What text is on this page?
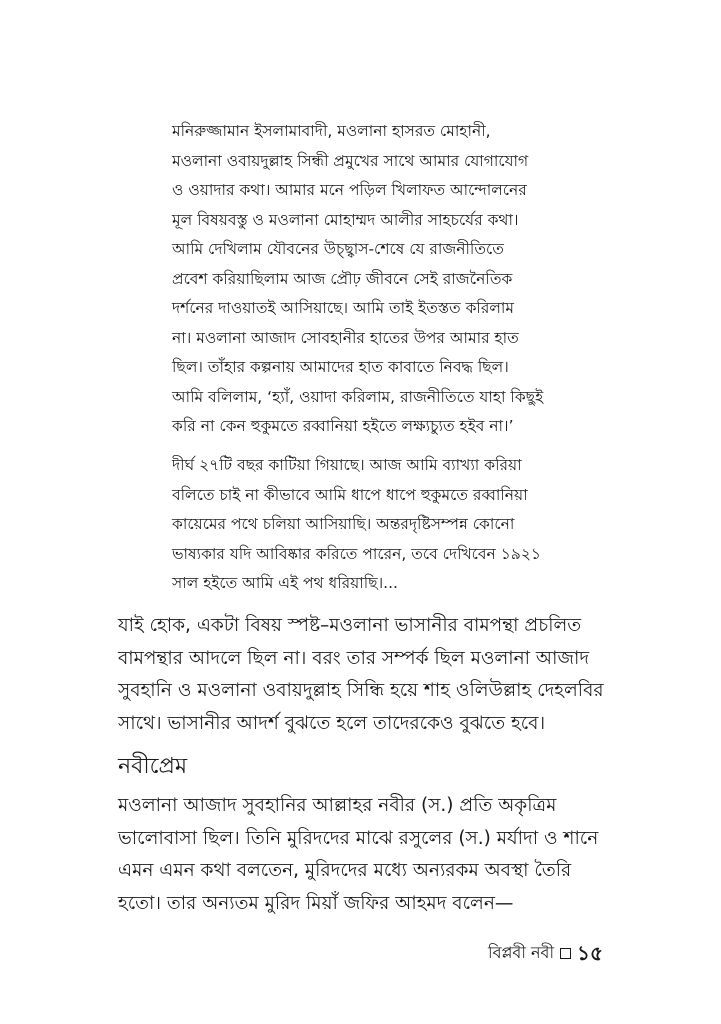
মনিরুজ্জামান ইসলামাবাদী, মওলানা হাসরত মোহানী,

মওলানা ওবায়দুল্লাহ সিন্ধী প্রমুখের সাথে আমার যোগাযোগ

ও ওয়াদার কথা। আমার মনে পড়িল খিলাফত আন্দোলনের

মূল বিষয়বস্তু ও মওলানা মোহাম্মদ আলীর সাহচর্যের কথা।

আমি দেখিলাম যৌবনের উচ্ছ্বাস-শেষে যে রাজনীতিতে

প্রবেশ করিয়াছিলাম আজ প্রৌঢ় জীবনে সেই রাজনৈতিক

দর্শনের দাওয়াতই আসিয়াছে। আমি তাই ইতস্তত করিলাম

না। মওলানা আজাদ সোবহানীর হাতের উপর আমার হাত

ছিল। তাঁহার কল্পনায় আমাদের হাত কাবাতে নিবদ্ধ ছিল।

আমি বলিলাম, ‘হ্যাঁ, ওয়াদা করিলাম, রাজনীতিতে যাহা কিছুই

করি না কেন হুকুমতে রব্বানিয়া হইতে লক্ষ্যচ্যুত হইব না।’

দীর্ঘ ২৭টি বছর কাটিয়া গিয়াছে। আজ আমি ব্যাখ্যা করিয়া

বলিতে চাই না কীভাবে আমি ধাপে ধাপে হুকুমতে রব্বানিয়া

কায়েমের পথে চলিয়া আসিয়াছি। অন্তরদৃষ্টিসম্পন্ন কোনো

ভাষ্যকার যদি আবিষ্কার করিতে পারেন, তবে দেখিবেন ১৯২১

সাল হইতে আমি এই পথ ধরিয়াছি।...

যাই হোক, একটা বিষয় স্পষ্ট–মওলানা ভাসানীর বামপন্থা প্রচলিত

বামপন্থার আদলে ছিল না। বরং তার সম্পর্ক ছিল মওলানা আজাদ

সুবহানি ও মওলানা ওবায়দুল্লাহ সিন্ধি হয়ে শাহ ওলিউল্লাহ দেহলবির

সাথে। ভাসানীর আদর্শ বুঝতে হলে তাদেরকেও বুঝতে হবে।

নবীপ্রেম

মওলানা আজাদ সুবহানির আল্লাহর নবীর (স.) প্রতি অকৃত্রিম

ভালোবাসা ছিল। তিনি মুরিদদের মাঝে রসুলের (স.) মর্যাদা ও শানে

এমন এমন কথা বলতেন, মুরিদদের মধ্যে অন্যরকম অবস্থা তৈরি

হতো। তার অন্যতম মুরিদ মিয়াঁ জফির আহমদ বলেন—

বিপ্লবী নবী ১৫
